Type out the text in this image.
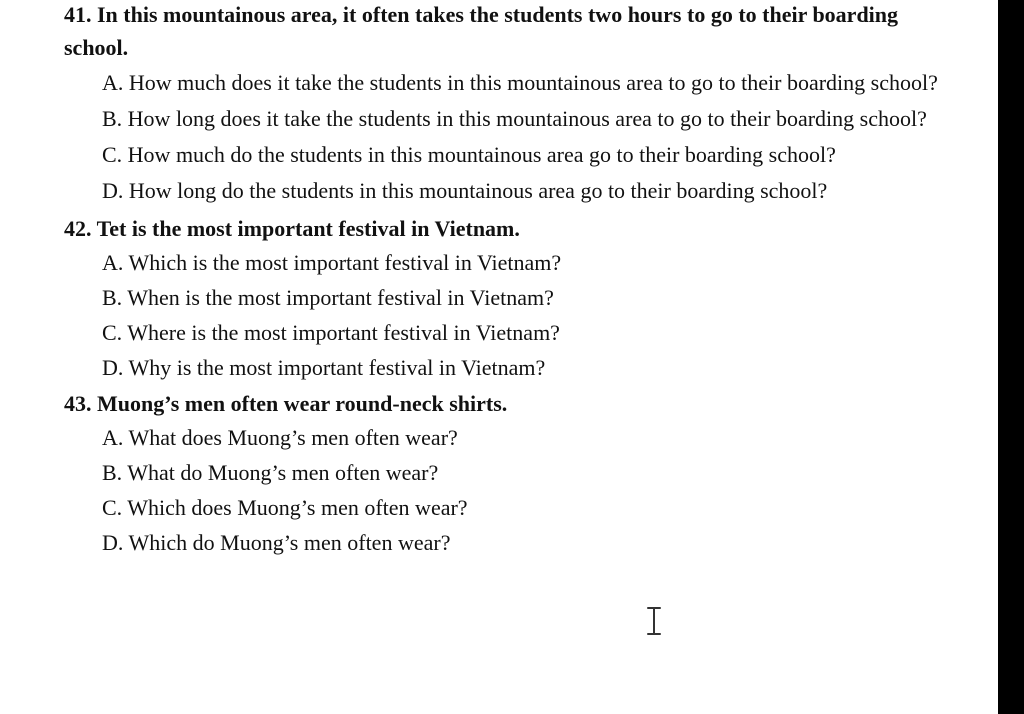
41. In this mountainous area, it often takes the students two hours to go to their boarding school.
A. How much does it take the students in this mountainous area to go to their boarding school?
B. How long does it take the students in this mountainous area to go to their boarding school?
C. How much do the students in this mountainous area go to their boarding school?
D. How long do the students in this mountainous area go to their boarding school?
42. Tet is the most important festival in Vietnam.
A. Which is the most important festival in Vietnam?
B. When is the most important festival in Vietnam?
C. Where is the most important festival in Vietnam?
D. Why is the most important festival in Vietnam?
43. Muong’s men often wear round-neck shirts.
A. What does Muong’s men often wear?
B. What do Muong’s men often wear?
C. Which does Muong’s men often wear?
D. Which do Muong’s men often wear?
